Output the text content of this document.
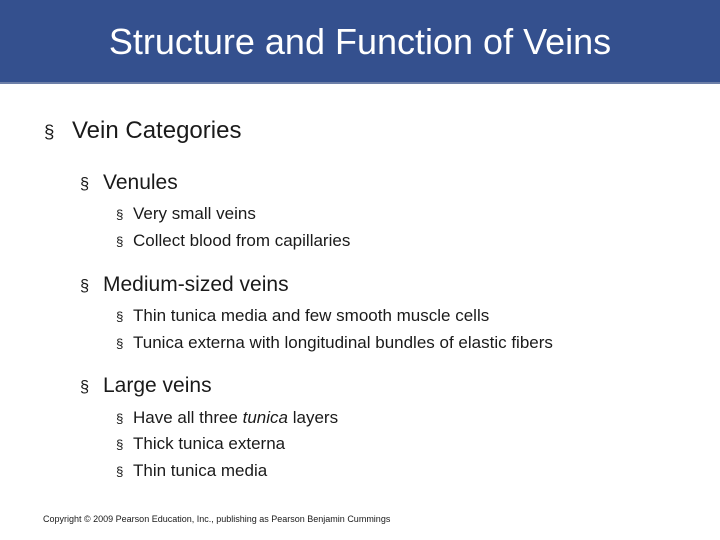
Structure and Function of Veins
§ Vein Categories
§ Venules
§ Very small veins
§ Collect blood from capillaries
§ Medium-sized veins
§ Thin tunica media and few smooth muscle cells
§ Tunica externa with longitudinal bundles of elastic fibers
§ Large veins
§ Have all three tunica layers
§ Thick tunica externa
§ Thin tunica media
Copyright © 2009 Pearson Education, Inc., publishing as Pearson Benjamin Cummings
